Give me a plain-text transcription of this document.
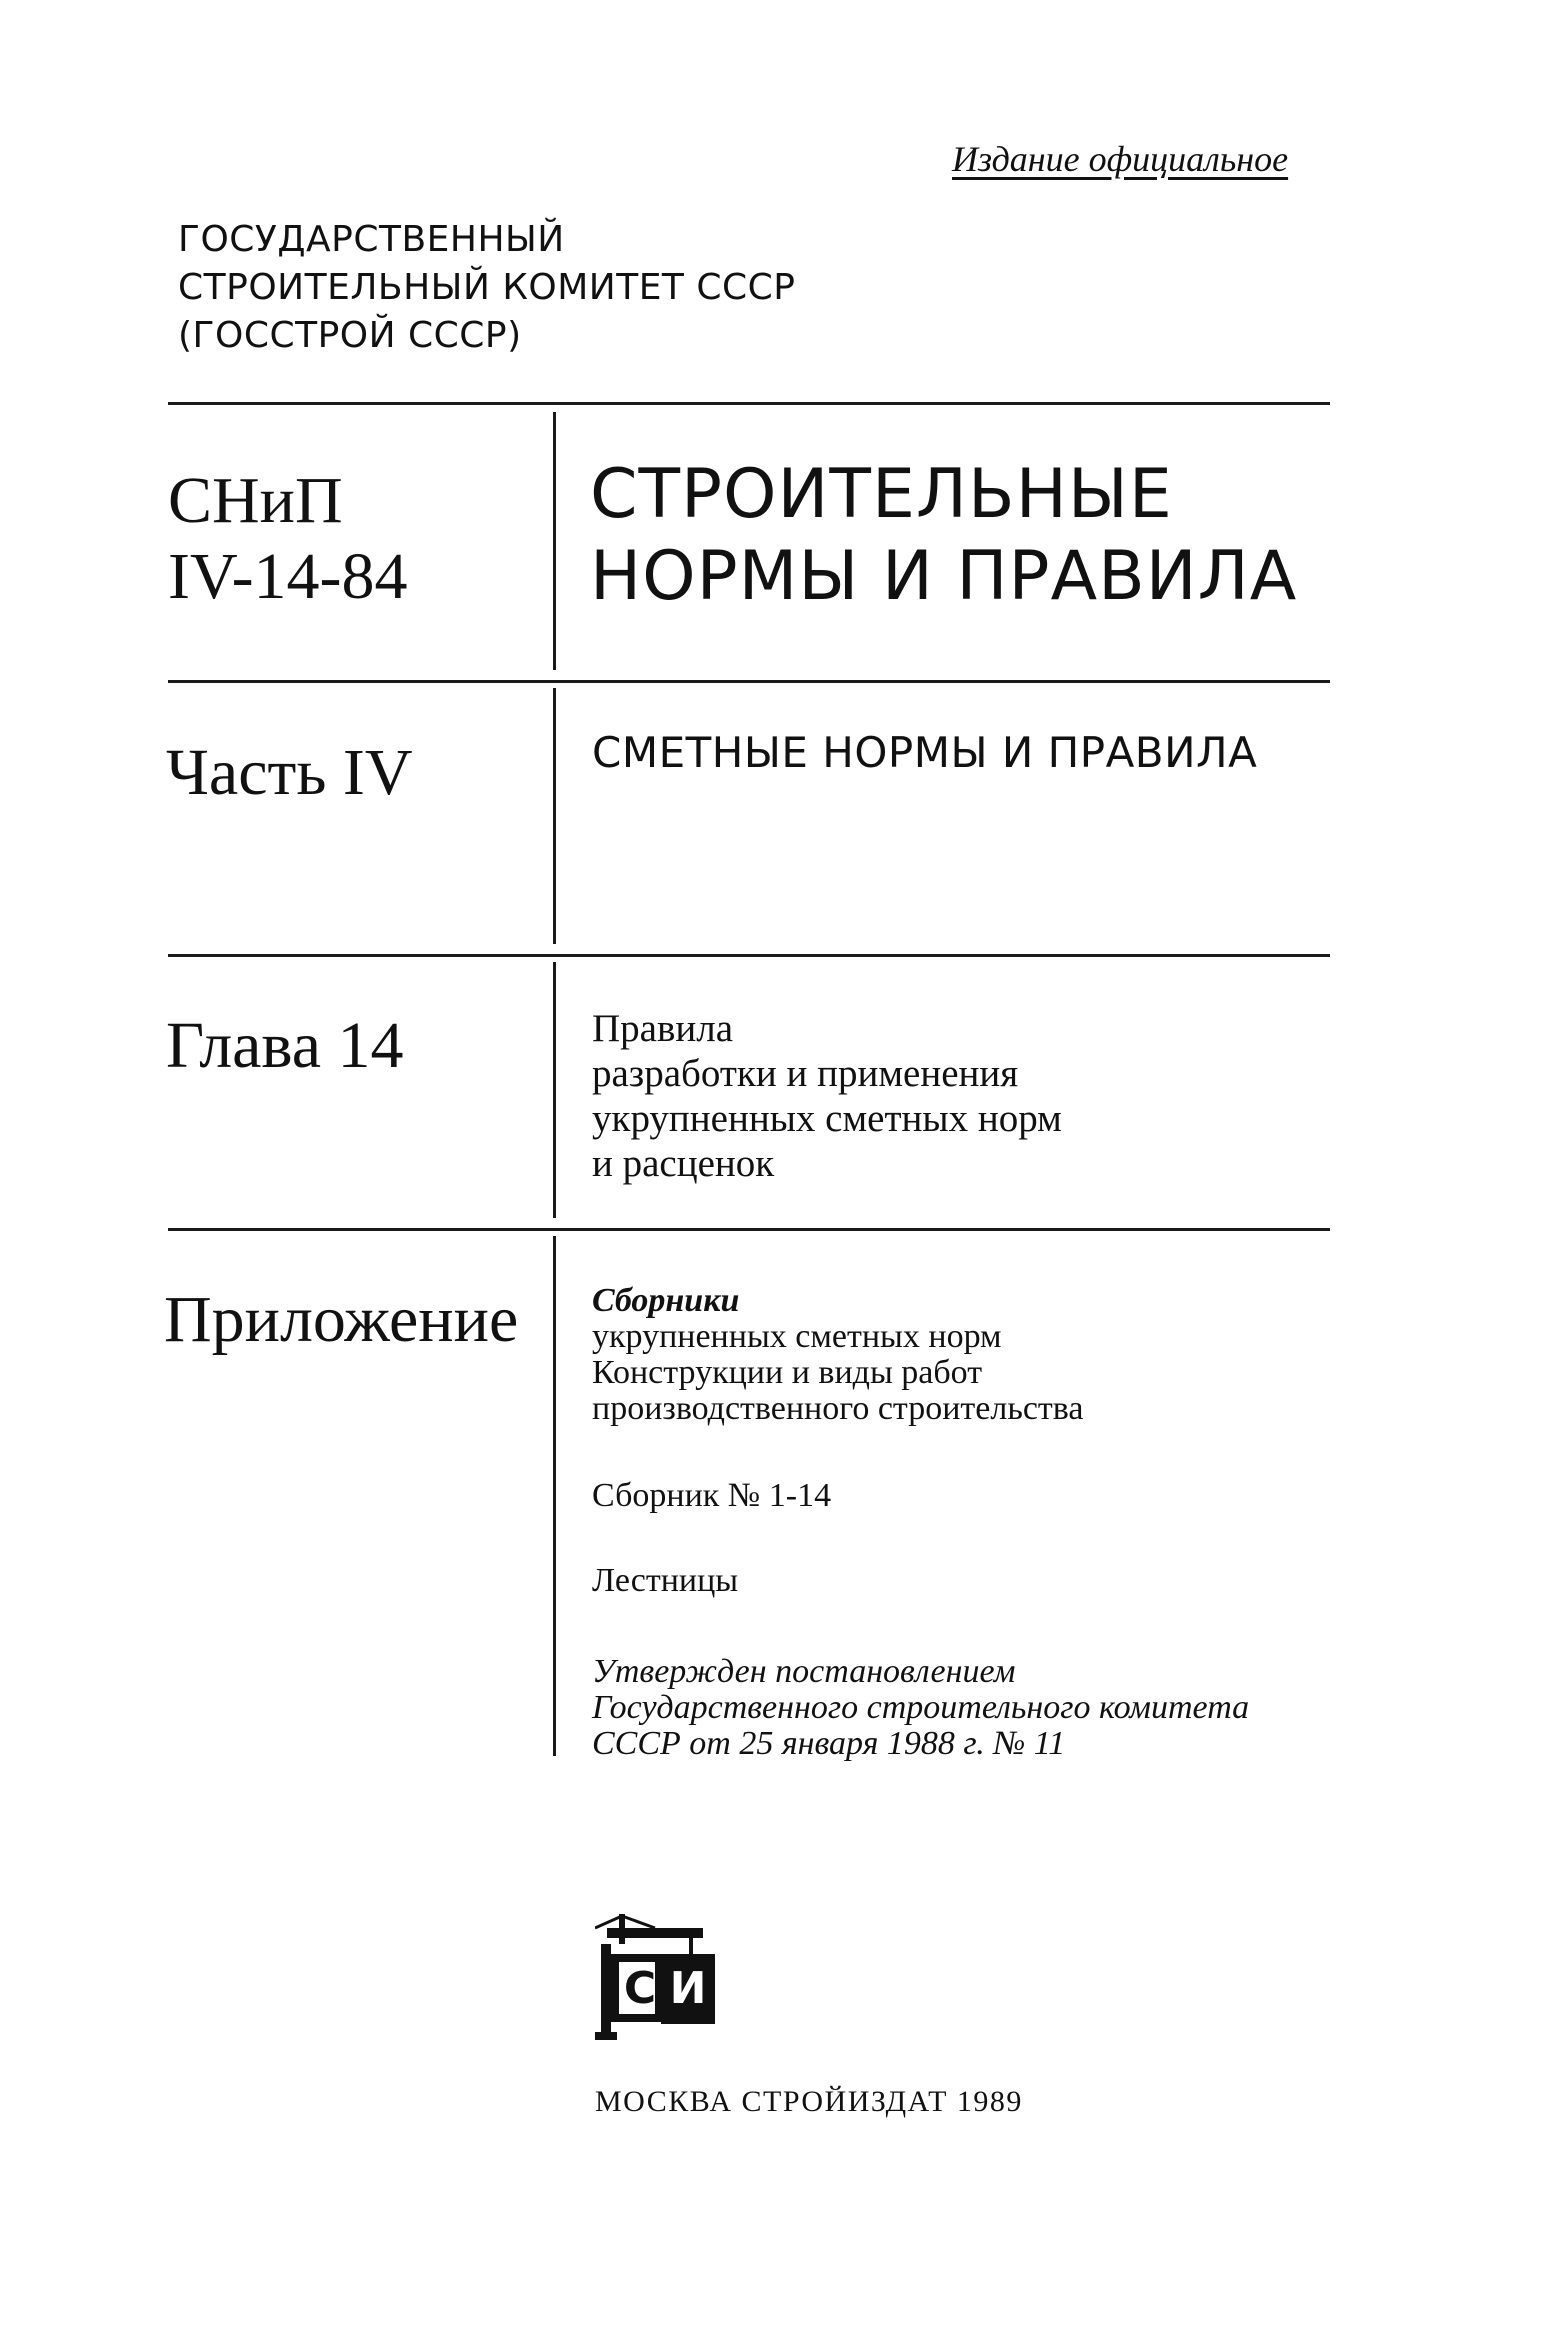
Издание официальное
ГОСУДАРСТВЕННЫЙ
СТРОИТЕЛЬНЫЙ КОМИТЕТ СССР
(ГОССТРОЙ СССР)
СНиП
IV-14-84
СТРОИТЕЛЬНЫЕ
НОРМЫ И ПРАВИЛА
Часть IV	СМЕТНЫЕ НОРМЫ И ПРАВИЛА
Глава 14	Правила
разработки и применения
укрупненных сметных норм
и расценок
Приложение Сборники
укрупненных сметных норм
Конструкции и виды работ
производственного строительства
Сборник № 1-14
Лестницы
Утвержден постановлением
Государственного строительного комитета
СССР от 25 января 1988 г. № 11
С И
МОСКВА СТРОЙИЗДАТ 1989
